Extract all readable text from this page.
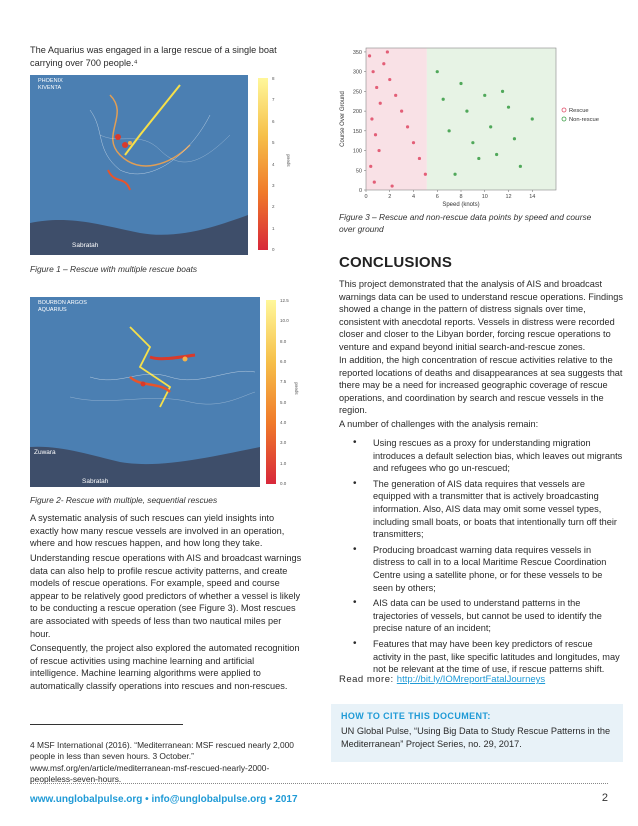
The Aquarius was engaged in a large rescue of a single boat carrying over 700 people.⁴
PHOENIX
KIVENTA
Sabratah
8
7
6
5
4
3
2
1
0
speed
Figure 1 – Rescue with multiple rescue boats
BOURBON ARGOS
AQUARIUS
Zuwara
Sabratah
12.5
10.0
8.0
6.0
7.5
5.0
4.0
3.0
1.0
0.0
speed
Figure 2- Rescue with multiple, sequential rescues
A systematic analysis of such rescues can yield insights into exactly how many rescue vessels are involved in an operation, where and how rescues happen, and how long they take.
Understanding rescue operations with AIS and broadcast warnings data can also help to profile rescue activity patterns, and create models of rescue operations. For example, speed and course appear to be relatively good predictors of whether a vessel is likely to be conducting a rescue operation (see Figure 3). Most rescues are associated with speeds of less than two nautical miles per hour.
Consequently, the project also explored the automated recognition of rescue activities using machine learning and artificial intelligence. Machine learning algorithms were applied to automatically classify operations into rescues and non-rescues.
4 MSF International (2016). “Mediterranean: MSF rescued nearly 2,000 people in less than seven hours. 3 October.” www.msf.org/en/article/mediterranean-msf-rescued-nearly-2000-peopleless-seven-hours.
0
50
100
150
200
250
300
350
0	2	4	6	8	10	12	14
Speed (knots)
Course Over Ground	Rescue
Non-rescue
Figure 3 – Rescue and non-rescue data points by speed and course over ground
CONCLUSIONS
This project demonstrated that the analysis of AIS and broadcast warnings data can be used to understand rescue operations. Findings showed a change in the pattern of distress signals over time, consistent with anecdotal reports. Vessels in distress were recorded closer and closer to the Libyan border, forcing rescue operations to venture and expand beyond initial search-and-rescue zones.
In addition, the high concentration of rescue activities relative to the reported locations of deaths and disappearances at sea suggests that there may be a need for increased geographic coverage of rescue operations, and coordination by search and rescue vessels in the region.
A number of challenges with the analysis remain:
• Using rescues as a proxy for understanding migration introduces a default selection bias, which leaves out migrants and refugees who go un-rescued;
• The generation of AIS data requires that vessels are equipped with a transmitter that is actively broadcasting information. Also, AIS data may omit some vessel types, including small boats, or boats that intentionally turn off their transmitters;
• Producing broadcast warning data requires vessels in distress to call in to a local Maritime Rescue Coordination Centre using a satellite phone, or for these vessels to be seen by others;
• AIS data can be used to understand patterns in the trajectories of vessels, but cannot be used to identify the precise nature of an incident;
• Features that may have been key predictors of rescue activity in the past, like specific latitudes and longitudes, may not be relevant at the time of use, if rescue patterns shift.
Read more: http://bit.ly/IOMreportFatalJourneys
HOW TO CITE THIS DOCUMENT:
UN Global Pulse, “Using Big Data to Study Rescue Patterns in the Mediterranean” Project Series, no. 29, 2017.
www.unglobalpulse.org • info@unglobalpulse.org • 2017	2
